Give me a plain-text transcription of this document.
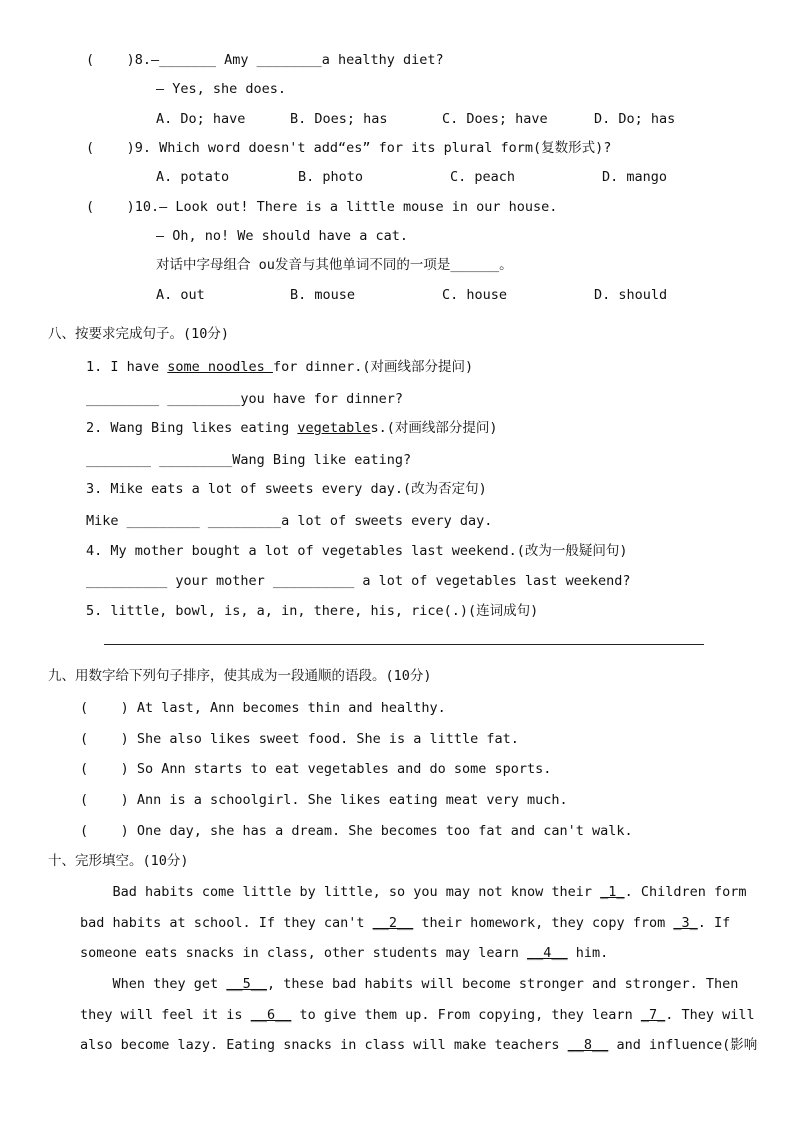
(    )8.—_______ Amy ________a healthy diet?
— Yes, she does.
A. Do; have	B. Does; has	C. Does; have	D. Do; has
(    )9. Which word doesn't add“es” for its plural form(复数形式)?
A. potato	B. photo	C. peach	D. mango
(    )10.— Look out! There is a little mouse in our house.
— Oh, no! We should have a cat.
对话中字母组合 ou发音与其他单词不同的一项是______。
A. out	B. mouse	C. house	D. should
八、按要求完成句子。(10分)
1. I have some noodles for dinner.(对画线部分提问)
_________ _________you have for dinner?
2. Wang Bing likes eating vegetables.(对画线部分提问)
________ _________Wang Bing like eating?
3. Mike eats a lot of sweets every day.(改为否定句)
Mike _________ _________a lot of sweets every day.
4. My mother bought a lot of vegetables last weekend.(改为一般疑问句)
__________ your mother __________ a lot of vegetables last weekend?
5. little, bowl, is, a, in, there, his, rice(.)(连词成句)
九、用数字给下列句子排序，使其成为一段通顺的语段。(10分)
(    ) At last, Ann becomes thin and healthy.
(    ) She also likes sweet food. She is a little fat.
(    ) So Ann starts to eat vegetables and do some sports.
(    ) Ann is a schoolgirl. She likes eating meat very much.
(    ) One day, she has a dream. She becomes too fat and can't walk.
十、完形填空。(10分)
Bad habits come little by little, so you may not know their _1_. Children form
bad habits at school. If they can't __2__ their homework, they copy from _3_. If
someone eats snacks in class, other students may learn __4__ him.
When they get __5__, these bad habits will become stronger and stronger. Then
they will feel it is __6__ to give them up. From copying, they learn _7_. They will
also become lazy. Eating snacks in class will make teachers __8__ and influence(影响
